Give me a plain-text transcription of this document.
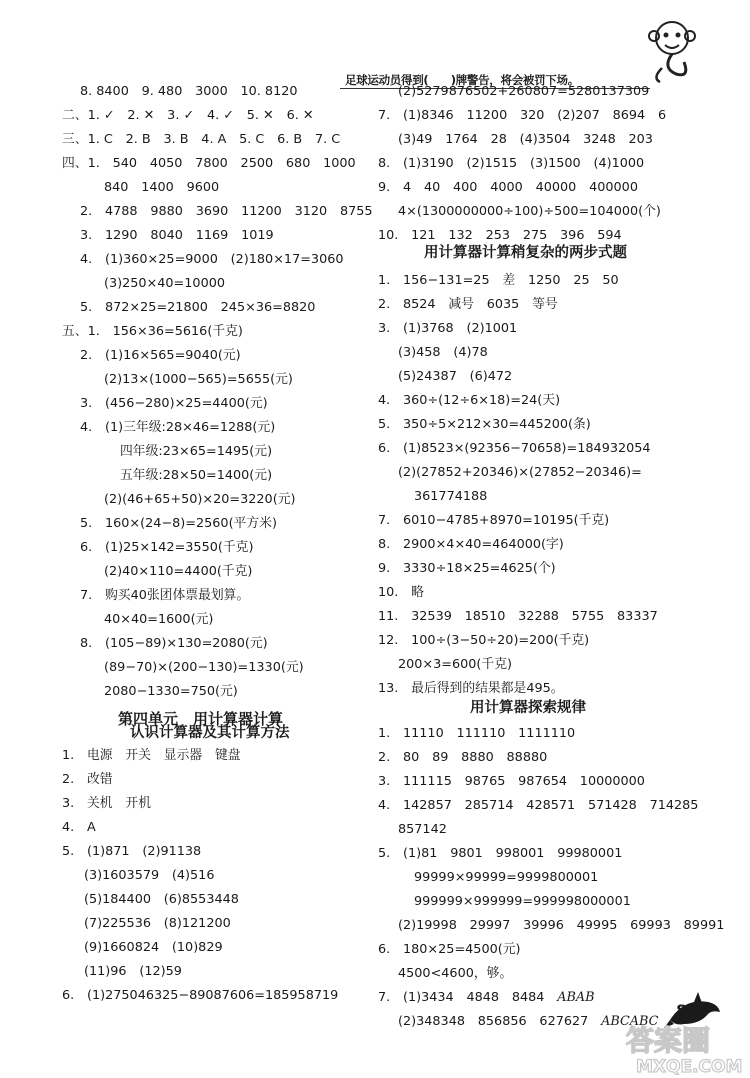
足球运动员得到(　　)牌警告，将会被罚下场。
8. 8400　9. 480　3000　10. 8120
二、1. ✓　2. ✕　3. ✓　4. ✓　5. ✕　6. ✕
三、1. C　2. B　3. B　4. A　5. C　6. B　7. C
四、1.　540　4050　7800　2500　680　1000
840　1400　9600
2.　4788　9880　3690　11200　3120　8755
3.　1290　8040　1169　1019
4.　(1)360×25=9000　(2)180×17=3060
(3)250×40=10000
5.　872×25=21800　245×36=8820
五、1.　156×36=5616(千克)
2.　(1)16×565=9040(元)
(2)13×(1000−565)=5655(元)
3.　(456−280)×25=4400(元)
4.　(1)三年级:28×46=1288(元)
四年级:23×65=1495(元)
五年级:28×50=1400(元)
(2)(46+65+50)×20=3220(元)
5.　160×(24−8)=2560(平方米)
6.　(1)25×142=3550(千克)
(2)40×110=4400(千克)
7.　购买40张团体票最划算。
40×40=1600(元)
8.　(105−89)×130=2080(元)
(89−70)×(200−130)=1330(元)
2080−1330=750(元)
1.　电源　开关　显示器　键盘
2.　改错
3.　关机　开机
4.　A
5.　(1)871　(2)91138
(3)1603579　(4)516
(5)184400　(6)8553448
(7)225536　(8)121200
(9)1660824　(10)829
(11)96　(12)59
6.　(1)275046325−89087606=185958719
第四单元　用计算器计算
认识计算器及其计算方法
(2)5279876502+260807=5280137309
7.　(1)8346　11200　320　(2)207　8694　6
(3)49　1764　28　(4)3504　3248　203
8.　(1)3190　(2)1515　(3)1500　(4)1000
9.　4　40　400　4000　40000　400000
4×(1300000000÷100)÷500=104000(个)
10.　121　132　253　275　396　594
1.　156−131=25　差　1250　25　50
2.　8524　减号　6035　等号
3.　(1)3768　(2)1001
(3)458　(4)78
(5)24387　(6)472
4.　360÷(12÷6×18)=24(天)
5.　350÷5×212×30=445200(条)
6.　(1)8523×(92356−70658)=184932054
(2)(27852+20346)×(27852−20346)=
361774188
7.　6010−4785+8970=10195(千克)
8.　2900×4×40=464000(字)
9.　3330÷18×25=4625(个)
10.　略
11.　32539　18510　32288　5755　83337
12.　100÷(3−50÷20)=200(千克)
200×3=600(千克)
13.　最后得到的结果都是495。
1.　11110　111110　1111110
2.　80　89　8880　88880
3.　111115　98765　987654　10000000
4.　142857　285714　428571　571428　714285
857142
5.　(1)81　9801　998001　99980001
99999×99999=9999800001
999999×999999=999998000001
(2)19998　29997　39996　49995　69993　89991
6.　180×25=4500(元)
4500<4600，够。
7.　(1)3434　4848　8484　ABAB
(2)348348　856856　627627　ABCABC
用计算器计算稍复杂的两步式题
用计算器探索规律
89
答案圈
MXQE.COM
